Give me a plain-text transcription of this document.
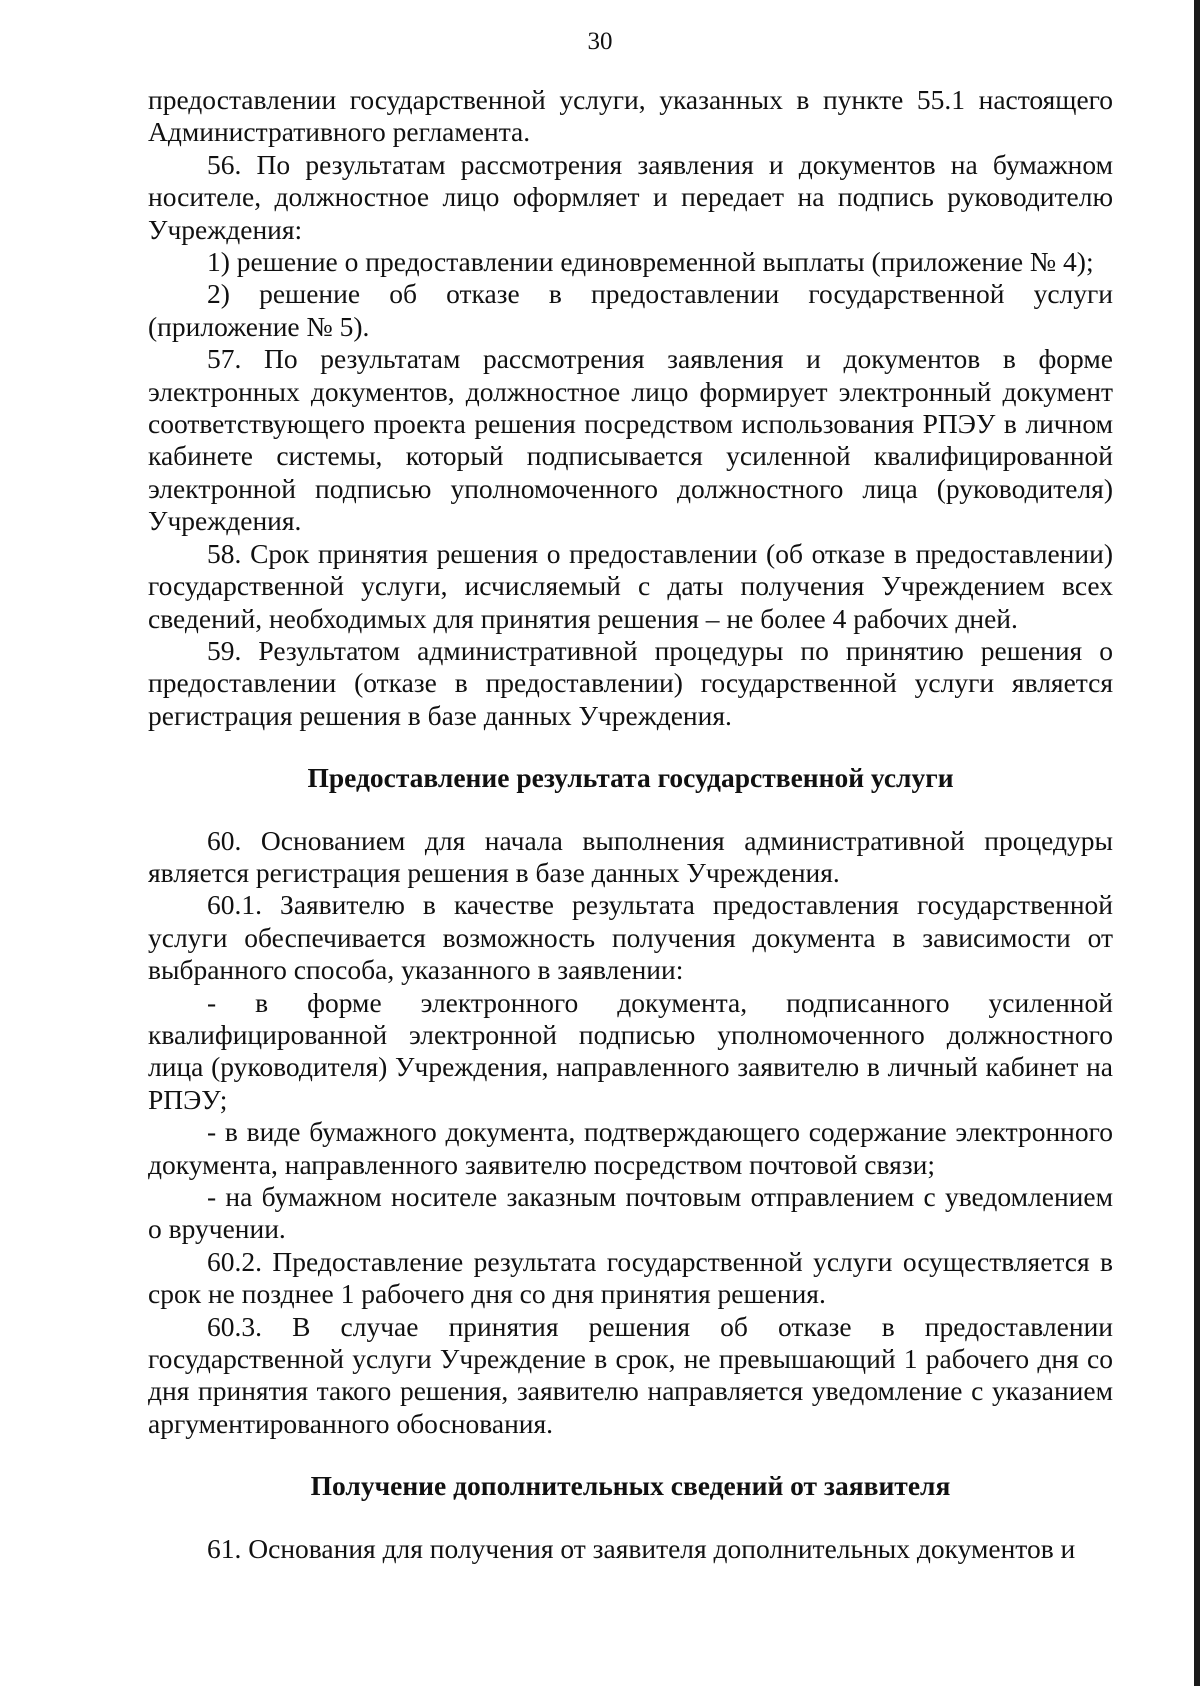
30

предоставлении государственной услуги, указанных в пункте 55.1 настоящего Административного регламента.

56. По результатам рассмотрения заявления и документов на бумажном носителе, должностное лицо оформляет и передает на подпись руководителю Учреждения:

1) решение о предоставлении единовременной выплаты (приложение № 4);

2) решение об отказе в предоставлении государственной услуги (приложение № 5).

57. По результатам рассмотрения заявления и документов в форме электронных документов, должностное лицо формирует электронный документ соответствующего проекта решения посредством использования РПЭУ в личном кабинете системы, который подписывается усиленной квалифицированной электронной подписью уполномоченного должностного лица (руководителя) Учреждения.

58. Срок принятия решения о предоставлении (об отказе в предоставлении) государственной услуги, исчисляемый с даты получения Учреждением всех сведений, необходимых для принятия решения – не более 4 рабочих дней.

59. Результатом административной процедуры по принятию решения о предоставлении (отказе в предоставлении) государственной услуги является регистрация решения в базе данных Учреждения.

Предоставление результата государственной услуги

60. Основанием для начала выполнения административной процедуры является регистрация решения в базе данных Учреждения.

60.1. Заявителю в качестве результата предоставления государственной услуги обеспечивается возможность получения документа в зависимости от выбранного способа, указанного в заявлении:

- в форме электронного документа, подписанного усиленной квалифицированной электронной подписью уполномоченного должностного лица (руководителя) Учреждения, направленного заявителю в личный кабинет на РПЭУ;

- в виде бумажного документа, подтверждающего содержание электронного документа, направленного заявителю посредством почтовой связи;

- на бумажном носителе заказным почтовым отправлением с уведомлением о вручении.

60.2. Предоставление результата государственной услуги осуществляется в срок не позднее 1 рабочего дня со дня принятия решения.

60.3. В случае принятия решения об отказе в предоставлении государственной услуги Учреждение в срок, не превышающий 1 рабочего дня со дня принятия такого решения, заявителю направляется уведомление с указанием аргументированного обоснования.

Получение дополнительных сведений от заявителя

61. Основания для получения от заявителя дополнительных документов и
